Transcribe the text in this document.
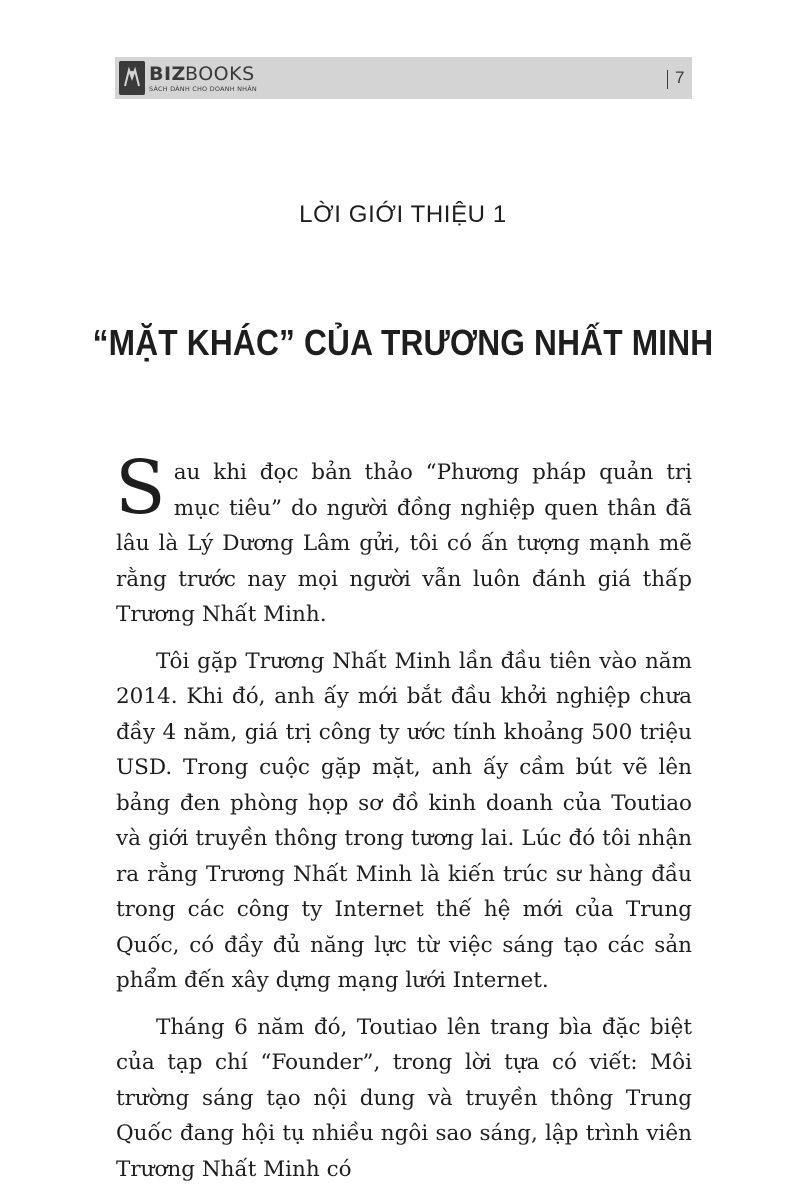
BIZ BOOKS
SÁCH DÀNH CHO DOANH NHÂN
7
LỜI GIỚI THIỆU 1
“MẶT KHÁC” CỦA TRƯƠNG NHẤT MINH

Sau khi đọc bản thảo “Phương pháp quản trị mục tiêu” do người đồng nghiệp quen thân đã lâu là Lý Dương Lâm gửi, tôi có ấn tượng mạnh mẽ rằng trước nay mọi người vẫn luôn đánh giá thấp Trương Nhất Minh.

Tôi gặp Trương Nhất Minh lần đầu tiên vào năm 2014. Khi đó, anh ấy mới bắt đầu khởi nghiệp chưa đầy 4 năm, giá trị công ty ước tính khoảng 500 triệu USD. Trong cuộc gặp mặt, anh ấy cầm bút vẽ lên bảng đen phòng họp sơ đồ kinh doanh của Toutiao và giới truyền thông trong tương lai. Lúc đó tôi nhận ra rằng Trương Nhất Minh là kiến trúc sư hàng đầu trong các công ty Internet thế hệ mới của Trung Quốc, có đầy đủ năng lực từ việc sáng tạo các sản phẩm đến xây dựng mạng lưới Internet.

Tháng 6 năm đó, Toutiao lên trang bìa đặc biệt của tạp chí “Founder”, trong lời tựa có viết: Môi trường sáng tạo nội dung và truyền thông Trung Quốc đang hội tụ nhiều ngôi sao sáng, lập trình viên Trương Nhất Minh có
